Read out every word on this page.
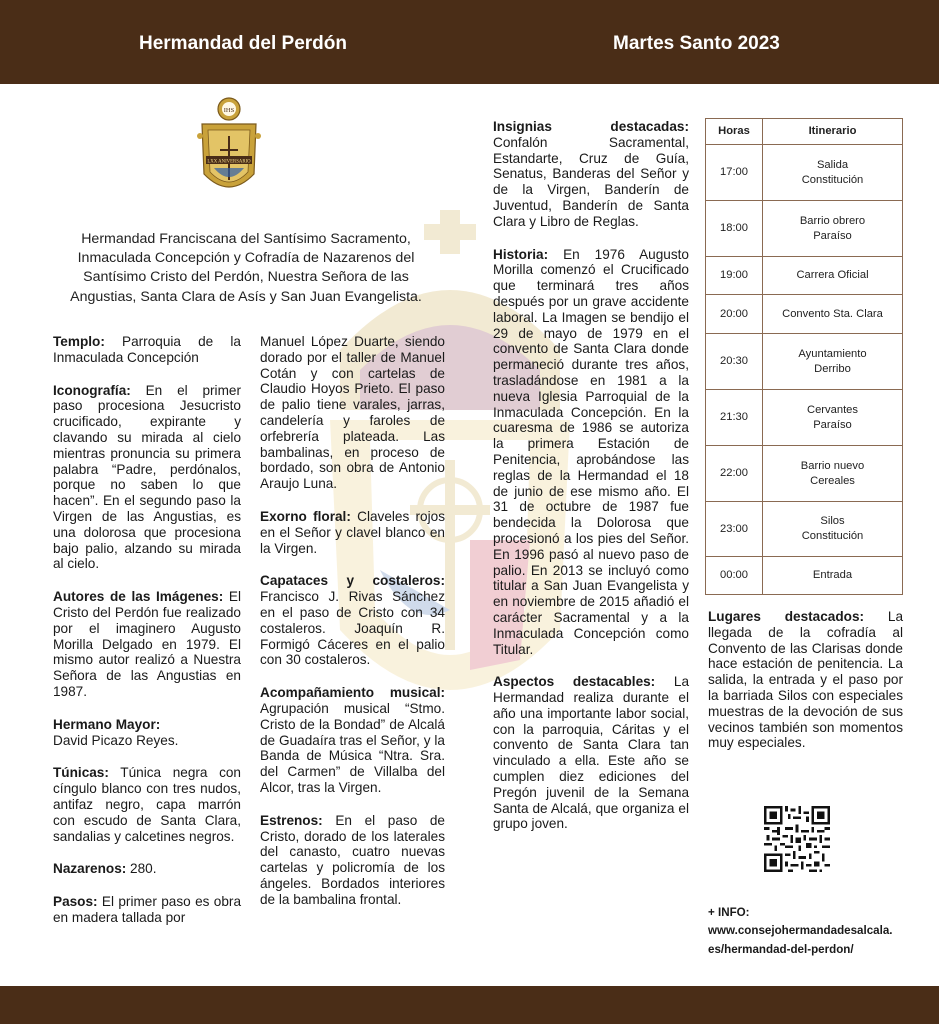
Hermandad del Perdón	Martes Santo 2023
IHS
LXX ANIVERSARIO
Hermandad Franciscana del Santísimo Sacramento, Inmaculada Concepción y Cofradía de Nazarenos del Santísimo Cristo del Perdón, Nuestra Señora de las Angustias, Santa Clara de Asís y San Juan Evangelista.

Templo: Parroquia de la Inmaculada Concepción

Iconografía: En el primer paso procesiona Jesucristo crucificado, expirante y clavando su mirada al cielo mientras pronuncia su primera palabra “Padre, perdónalos, porque no saben lo que hacen”. En el segundo paso la Virgen de las Angustias, es una dolorosa que procesiona bajo palio, alzando su mirada al cielo.

Autores de las Imágenes: El Cristo del Perdón fue realizado por el imaginero Augusto Morilla Delgado en 1979. El mismo autor realizó a Nuestra Señora de las Angustias en 1987.

Hermano Mayor:
David Picazo Reyes.

Túnicas: Túnica negra con cíngulo blanco con tres nudos, antifaz negro, capa marrón con escudo de Santa Clara, sandalias y calcetines negros.

Nazarenos: 280.

Pasos: El primer paso es obra en madera tallada por

Manuel López Duarte, siendo dorado por el taller de Manuel Cotán y con cartelas de Claudio Hoyos Prieto. El paso de palio tiene varales, jarras, candelería y faroles de orfebrería plateada. Las bambalinas, en proceso de bordado, son obra de Antonio Araujo Luna.

Exorno floral: Claveles rojos en el Señor y clavel blanco en la Virgen.

Capataces y costaleros: Francisco J. Rivas Sánchez en el paso de Cristo con 34 costaleros. Joaquín R. Formigó Cáceres en el palio con 30 costaleros.

Acompañamiento musical: Agrupación musical “Stmo. Cristo de la Bondad” de Alcalá de Guadaíra tras el Señor, y la Banda de Música “Ntra. Sra. del Carmen” de Villalba del Alcor, tras la Virgen.

Estrenos: En el paso de Cristo, dorado de los laterales del canasto, cuatro nuevas cartelas y policromía de los ángeles. Bordados interiores de la bambalina frontal.

Insignias destacadas: Confalón Sacramental, Estandarte, Cruz de Guía, Senatus, Banderas del Señor y de la Virgen, Banderín de Juventud, Banderín de Santa Clara y Libro de Reglas.

Historia: En 1976 Augusto Morilla comenzó el Crucificado que terminará tres años después por un grave accidente laboral. La Imagen se bendijo el 29 de mayo de 1979 en el convento de Santa Clara donde permaneció durante tres años, trasladándose en 1981 a la nueva Iglesia Parroquial de la Inmaculada Concepción. En la cuaresma de 1986 se autoriza la primera Estación de Penitencia, aprobándose las reglas de la Hermandad el 18 de junio de ese mismo año. El 31 de octubre de 1987 fue bendecida la Dolorosa que procesionó a los pies del Señor. En 1996 pasó al nuevo paso de palio. En 2013 se incluyó como titular a San Juan Evangelista y en noviembre de 2015 añadió el carácter Sacramental y a la Inmaculada Concepción como Titular.

Aspectos destacables: La Hermandad realiza durante el año una importante labor social, con la parroquia, Cáritas y el convento de Santa Clara tan vinculado a ella. Este año se cumplen diez ediciones del Pregón juvenil de la Semana Santa de Alcalá, que organiza el grupo joven.

Horas	Itinerario
17:00	Salida
Constitución
18:00	Barrio obrero
Paraíso
19:00	Carrera Oficial
20:00	Convento Sta. Clara
20:30	Ayuntamiento
Derribo
21:30	Cervantes
Paraíso
22:00	Barrio nuevo
Cereales
23:00	Silos
Constitución
00:00	Entrada
Lugares destacados: La llegada de la cofradía al Convento de las Clarisas donde hace estación de penitencia. La salida, la entrada y el paso por la barriada Silos con especiales muestras de la devoción de sus vecinos también son momentos muy especiales.
+ INFO:
www.consejohermandadesalcala.
es/hermandad-del-perdon/
